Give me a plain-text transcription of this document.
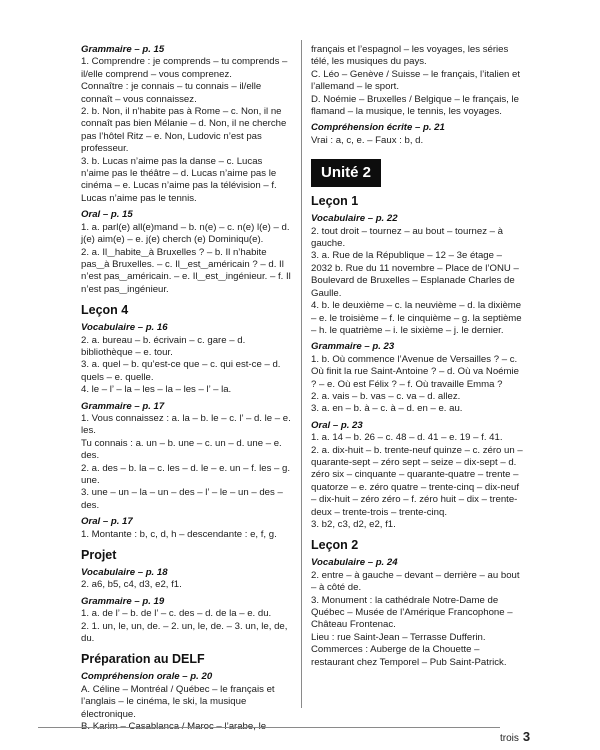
Grammaire – p. 15

1. Comprendre : je comprends – tu comprends – il/elle comprend – vous comprenez.

Connaître : je connais – tu connais – il/elle connaît – vous connaissez.

2. b. Non, il n’habite pas à Rome – c. Non, il ne connaît pas bien Mélanie – d. Non, il ne cherche pas l’hôtel Ritz – e. Non, Ludovic n’est pas professeur.

3. b. Lucas n’aime pas la danse – c. Lucas n’aime pas le théâtre – d. Lucas n’aime pas le cinéma – e. Lucas n’aime pas la télévision – f. Lucas n’aime pas le tennis.

Oral – p. 15

1. a. parl(e) all(e)mand – b. n(e) – c. n(e) l(e) – d. j(e) aim(e) – e. j(e) cherch (e) Dominiqu(e).

2. a. Il‿habite‿à Bruxelles ? – b. Il n’habite pas‿à Bruxelles. – c. Il‿est‿américain ? – d. Il n’est pas‿américain. – e. Il‿est‿ingénieur. – f. Il n’est pas‿ingénieur.

Leçon 4
Vocabulaire – p. 16

2. a. bureau – b. écrivain – c. gare – d. bibliothèque – e. tour.

3. a. quel – b. qu’est-ce que – c. qui est-ce – d. quels – e. quelle.

4. le – l’ – la – les – la – les – l’ – la.

Grammaire – p. 17

1. Vous connaissez : a. la – b. le – c. l’ – d. le – e. les.

Tu connais : a. un – b. une – c. un – d. une – e. des.

2. a. des – b. la – c. les – d. le – e. un – f. les – g. une.

3. une – un – la – un – des – l’ – le – un – des – des.

Oral – p. 17

1. Montante : b, c, d, h – descendante : e, f, g.

Projet
Vocabulaire – p. 18

2. a6, b5, c4, d3, e2, f1.

Grammaire – p. 19

1. a. de l’ – b. de l’ – c. des – d. de la – e. du.

2. 1. un, le, un, de. – 2. un, le, de. – 3. un, le, de, du.

Préparation au DELF
Compréhension orale – p. 20

A. Céline – Montréal / Québec – le français et l’anglais – le cinéma, le ski, la musique électronique.

B. Karim – Casablanca / Maroc – l’arabe, le

français et l’espagnol – les voyages, les séries télé, les musiques du pays.

C. Léo – Genève / Suisse – le français, l’italien et l’allemand – le sport.

D. Noémie – Bruxelles / Belgique – le français, le flamand – la musique, le tennis, les voyages.

Compréhension écrite – p. 21

Vrai : a, c, e. – Faux : b, d.

Unité 2
Leçon 1
Vocabulaire – p. 22

2. tout droit – tournez – au bout – tournez – à gauche.

3. a. Rue de la République – 12 – 3e étage – 2032 b. Rue du 11 novembre – Place de l’ONU – Boulevard de Bruxelles – Esplanade Charles de Gaulle.

4. b. le deuxième – c. la neuvième – d. la dixième – e. le troisième – f. le cinquième – g. la septième – h. le quatrième – i. le sixième – j. le dernier.

Grammaire – p. 23

1. b. Où commence l’Avenue de Versailles ? – c. Où finit la rue Saint-Antoine ? – d. Où va Noémie ? – e. Où est Félix ? – f. Où travaille Emma ?

2. a. vais – b. vas – c. va – d. allez.

3. a. en – b. à – c. à – d. en – e. au.

Oral – p. 23

1. a. 14 – b. 26 – c. 48 – d. 41 – e. 19 – f. 41.

2. a. dix-huit – b. trente-neuf quinze – c. zéro un – quarante-sept – zéro sept – seize – dix-sept – d. zéro six – cinquante – quarante-quatre – trente – quatorze – e. zéro quatre – trente-cinq – dix-neuf – dix-huit – zéro zéro – f. zéro huit – dix – trente-deux – trente-trois – trente-cinq.

3. b2, c3, d2, e2, f1.

Leçon 2
Vocabulaire – p. 24

2. entre – à gauche – devant – derrière – au bout – à côté de.

3. Monument : la cathédrale Notre-Dame de Québec – Musée de l’Amérique Francophone – Château Frontenac.

Lieu : rue Saint-Jean – Terrasse Dufferin.

Commerces : Auberge de la Chouette – restaurant chez Temporel – Pub Saint-Patrick.

trois 3
